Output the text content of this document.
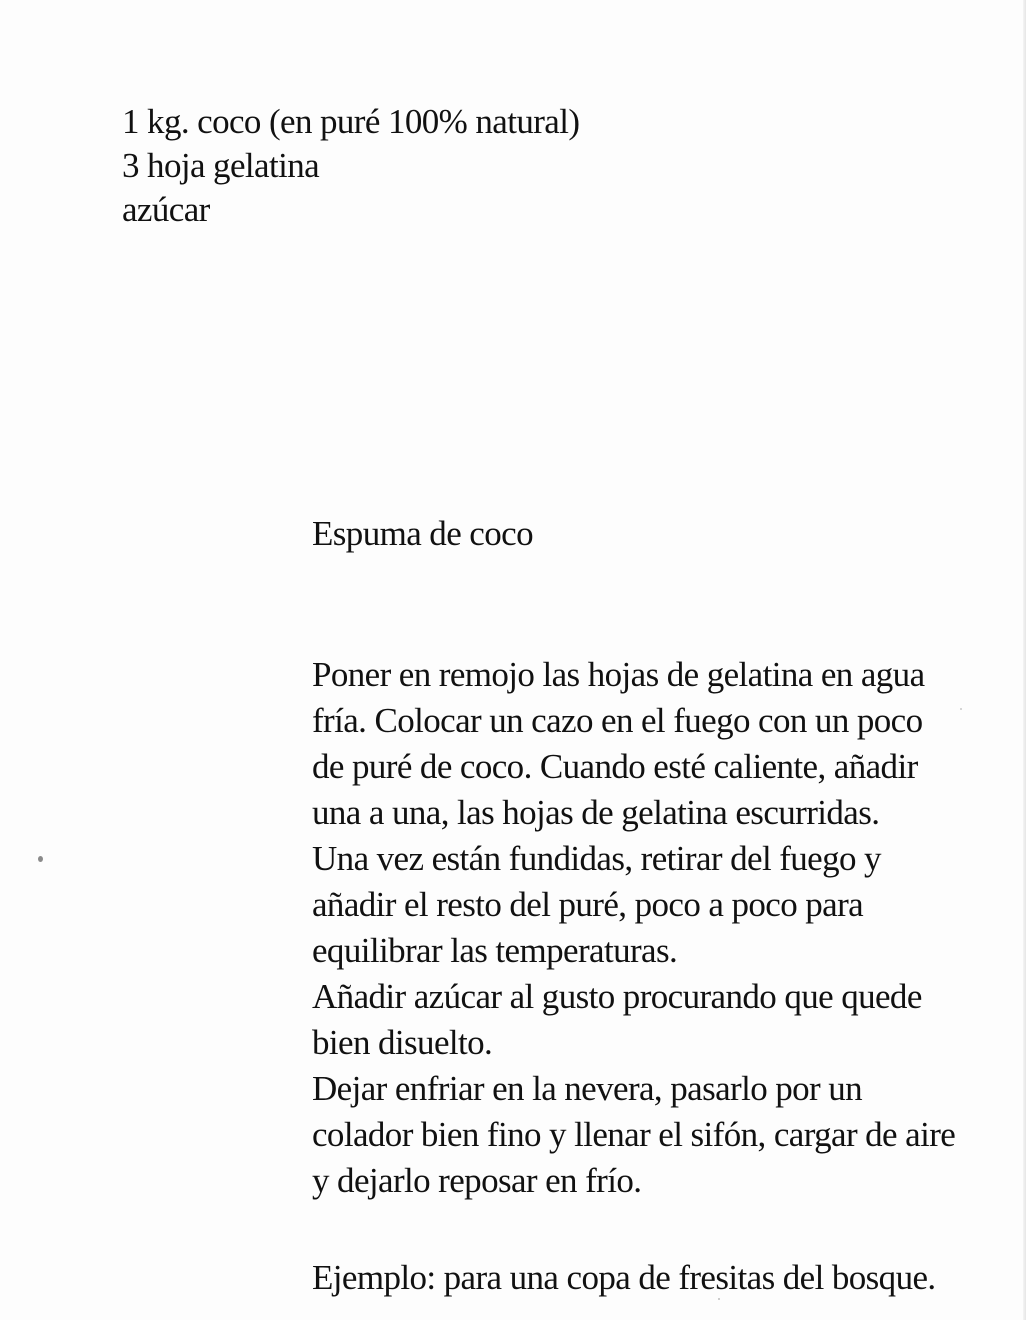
1 kg. coco (en puré 100% natural)
3 hoja gelatina
azúcar
Espuma de coco
Poner en remojo las hojas de gelatina en agua
fría. Colocar un cazo en el fuego con un poco
de puré de coco. Cuando esté caliente, añadir
una a una, las hojas de gelatina escurridas.
Una vez están fundidas, retirar del fuego y
añadir el resto del puré, poco a poco para
equilibrar las temperaturas.
Añadir azúcar al gusto procurando que quede
bien disuelto.
Dejar enfriar en la nevera, pasarlo por un
colador bien fino y llenar el sifón, cargar de aire
y dejarlo reposar en frío.

Ejemplo: para una copa de fresitas del bosque.
